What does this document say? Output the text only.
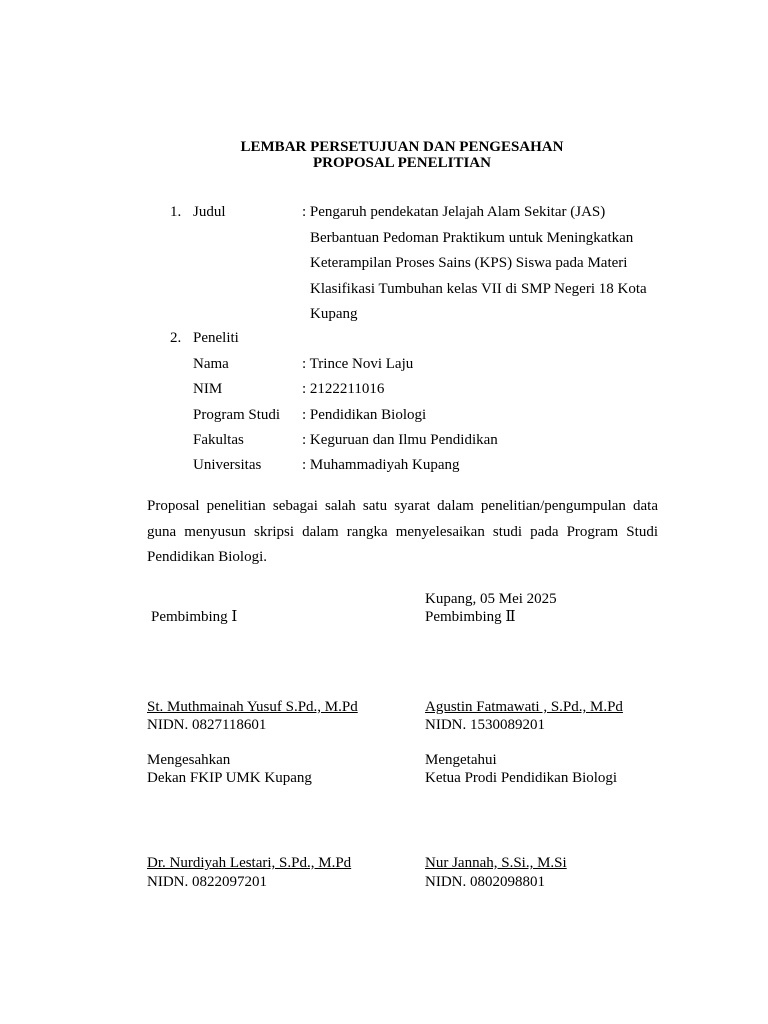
LEMBAR PERSETUJUAN DAN PENGESAHAN
PROPOSAL PENELITIAN
1. Judul	: Pengaruh pendekatan Jelajah Alam Sekitar (JAS)
Berbantuan Pedoman Praktikum untuk Meningkatkan
Keterampilan Proses Sains (KPS) Siswa pada Materi
Klasifikasi Tumbuhan kelas VII di SMP Negeri 18 Kota
Kupang
2. Peneliti
Nama	: Trince Novi Laju
NIM	: 2122211016
Program Studi : Pendidikan Biologi
Fakultas	: Keguruan dan Ilmu Pendidikan
Universitas	: Muhammadiyah Kupang
Proposal penelitian sebagai salah satu syarat dalam penelitian/pengumpulan data guna menyusun skripsi dalam rangka menyelesaikan studi pada Program Studi Pendidikan Biologi.
Kupang, 05 Mei 2025
Pembimbing Ⅰ
St. Muthmainah Yusuf S.Pd., M.Pd
NIDN. 0827118601
Pembimbing Ⅱ
Agustin Fatmawati , S.Pd., M.Pd
NIDN. 1530089201
Mengesahkan
Dekan FKIP UMK Kupang
Dr. Nurdiyah Lestari, S.Pd., M.Pd
NIDN. 0822097201
Mengetahui
Ketua Prodi Pendidikan Biologi
Nur Jannah, S.Si., M.Si
NIDN. 0802098801
